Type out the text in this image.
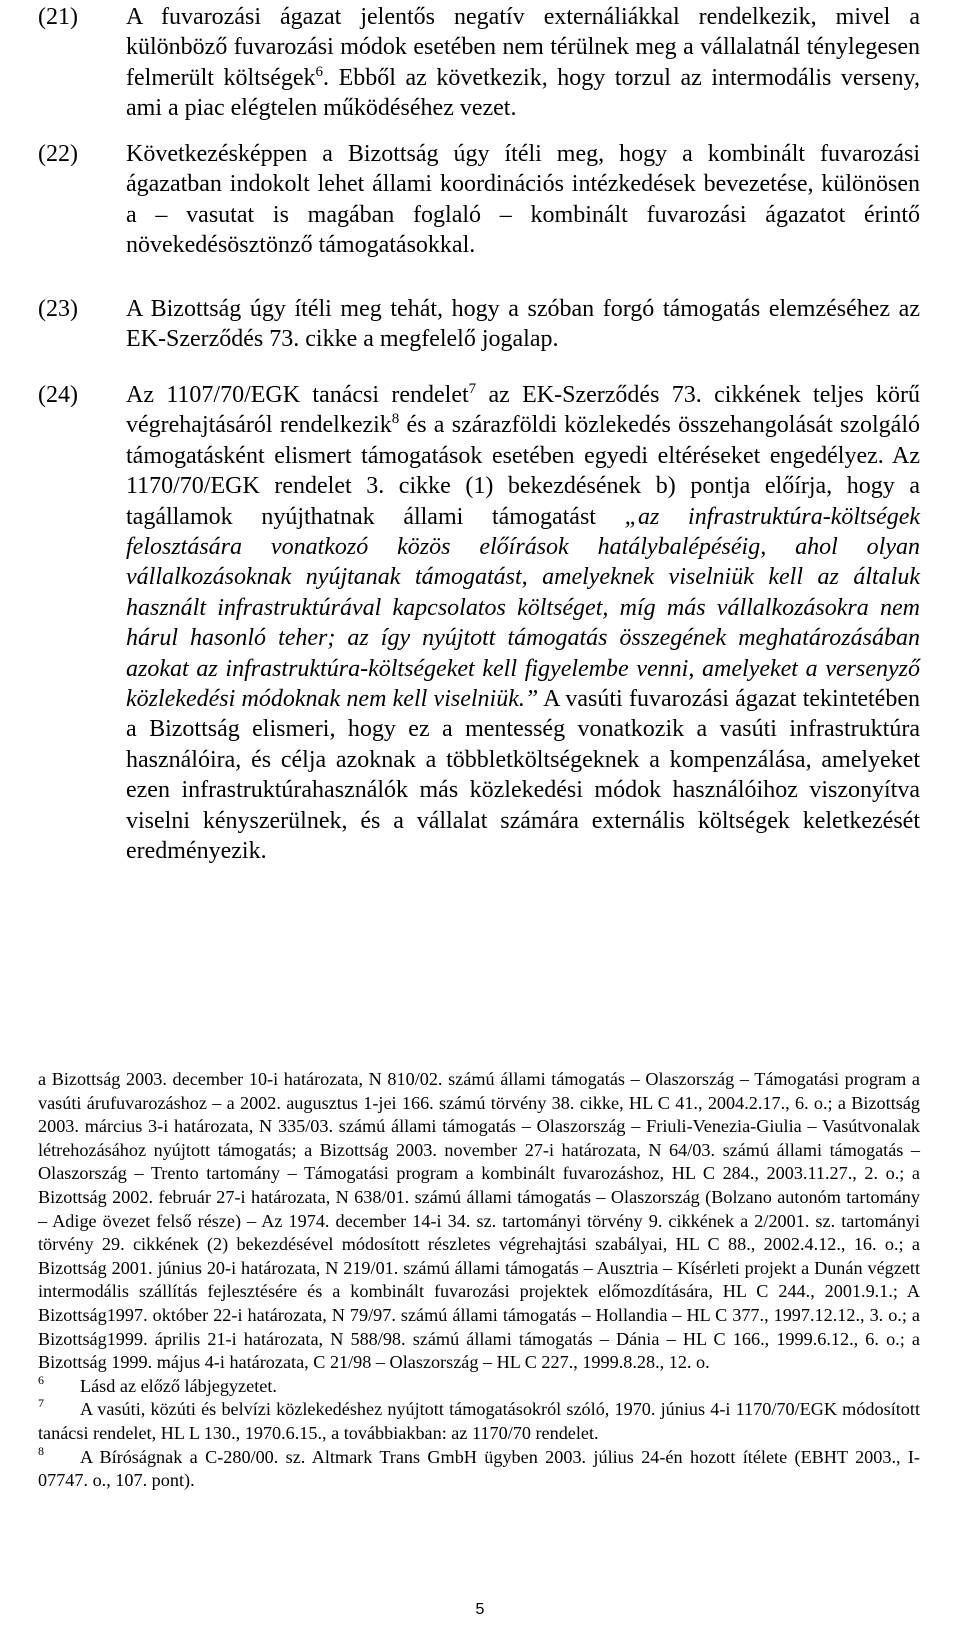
(21)	A fuvarozási ágazat jelentős negatív externáliákkal rendelkezik, mivel a különböző fuvarozási módok esetében nem térülnek meg a vállalatnál ténylegesen felmerült költségek$^6$. Ebből az következik, hogy torzul az intermodális verseny, ami a piac elégtelen működéséhez vezet.
(22)	Következésképpen a Bizottság úgy ítéli meg, hogy a kombinált fuvarozási ágazatban indokolt lehet állami koordinációs intézkedések bevezetése, különösen a – vasutat is magában foglaló – kombinált fuvarozási ágazatot érintő növekedésösztönző támogatásokkal.
(23)	A Bizottság úgy ítéli meg tehát, hogy a szóban forgó támogatás elemzéséhez az EK-Szerződés 73. cikke a megfelelő jogalap.
(24)	Az 1107/70/EGK tanácsi rendelet$^7$ az EK-Szerződés 73. cikkének teljes körű végrehajtásáról rendelkezik$^8$ és a szárazföldi közlekedés összehangolását szolgáló támogatásként elismert támogatások esetében egyedi eltéréseket engedélyez. Az 1170/70/EGK rendelet 3. cikke (1) bekezdésének b) pontja előírja, hogy a tagállamok nyújthatnak állami támogatást „az infrastruktúra-költségek felosztására vonatkozó közös előírások hatálybalépéséig, ahol olyan vállalkozásoknak nyújtanak támogatást, amelyeknek viselniük kell az általuk használt infrastruktúrával kapcsolatos költséget, míg más vállalkozásokra nem hárul hasonló teher; az így nyújtott támogatás összegének meghatározásában azokat az infrastruktúra-költségeket kell figyelembe venni, amelyeket a versenyző közlekedési módoknak nem kell viselniük.” A vasúti fuvarozási ágazat tekintetében a Bizottság elismeri, hogy ez a mentesség vonatkozik a vasúti infrastruktúra használóira, és célja azoknak a többletköltségeknek a kompenzálása, amelyeket ezen infrastruktúrahasználók más közlekedési módok használóihoz viszonyítva viselni kényszerülnek, és a vállalat számára externális költségek keletkezését eredményezik.

a Bizottság 2003. december 10-i határozata, N 810/02. számú állami támogatás – Olaszország – Támogatási program a vasúti árufuvarozáshoz – a 2002. augusztus 1-jei 166. számú törvény 38. cikke, HL C 41., 2004.2.17., 6. o.; a Bizottság 2003. március 3-i határozata, N 335/03. számú állami támogatás – Olaszország – Friuli-Venezia-Giulia – Vasútvonalak létrehozásához nyújtott támogatás; a Bizottság 2003. november 27-i határozata, N 64/03. számú állami támogatás – Olaszország – Trento tartomány – Támogatási program a kombinált fuvarozáshoz, HL C 284., 2003.11.27., 2. o.; a Bizottság 2002. február 27-i határozata, N 638/01. számú állami támogatás – Olaszország (Bolzano autonóm tartomány – Adige övezet felső része) – Az 1974. december 14-i 34. sz. tartományi törvény 9. cikkének a 2/2001. sz. tartományi törvény 29. cikkének (2) bekezdésével módosított részletes végrehajtási szabályai, HL C 88., 2002.4.12., 16. o.; a Bizottság 2001. június 20-i határozata, N 219/01. számú állami támogatás – Ausztria – Kísérleti projekt a Dunán végzett intermodális szállítás fejlesztésére és a kombinált fuvarozási projektek előmozdítására, HL C 244., 2001.9.1.; A Bizottság1997. október 22-i határozata, N 79/97. számú állami támogatás – Hollandia – HL C 377., 1997.12.12., 3. o.; a Bizottság1999. április 21-i határozata, N 588/98. számú állami támogatás – Dánia – HL C 166., 1999.6.12., 6. o.; a Bizottság 1999. május 4-i határozata, C 21/98 – Olaszország – HL C 227., 1999.8.28., 12. o.

6 Lásd az előző lábjegyzetet.

7 A vasúti, közúti és belvízi közlekedéshez nyújtott támogatásokról szóló, 1970. június 4-i 1170/70/EGK módosított tanácsi rendelet, HL L 130., 1970.6.15., a továbbiakban: az 1170/70 rendelet.

8 A Bíróságnak a C-280/00. sz. Altmark Trans GmbH ügyben 2003. július 24-én hozott ítélete (EBHT 2003., I-07747. o., 107. pont).

5
